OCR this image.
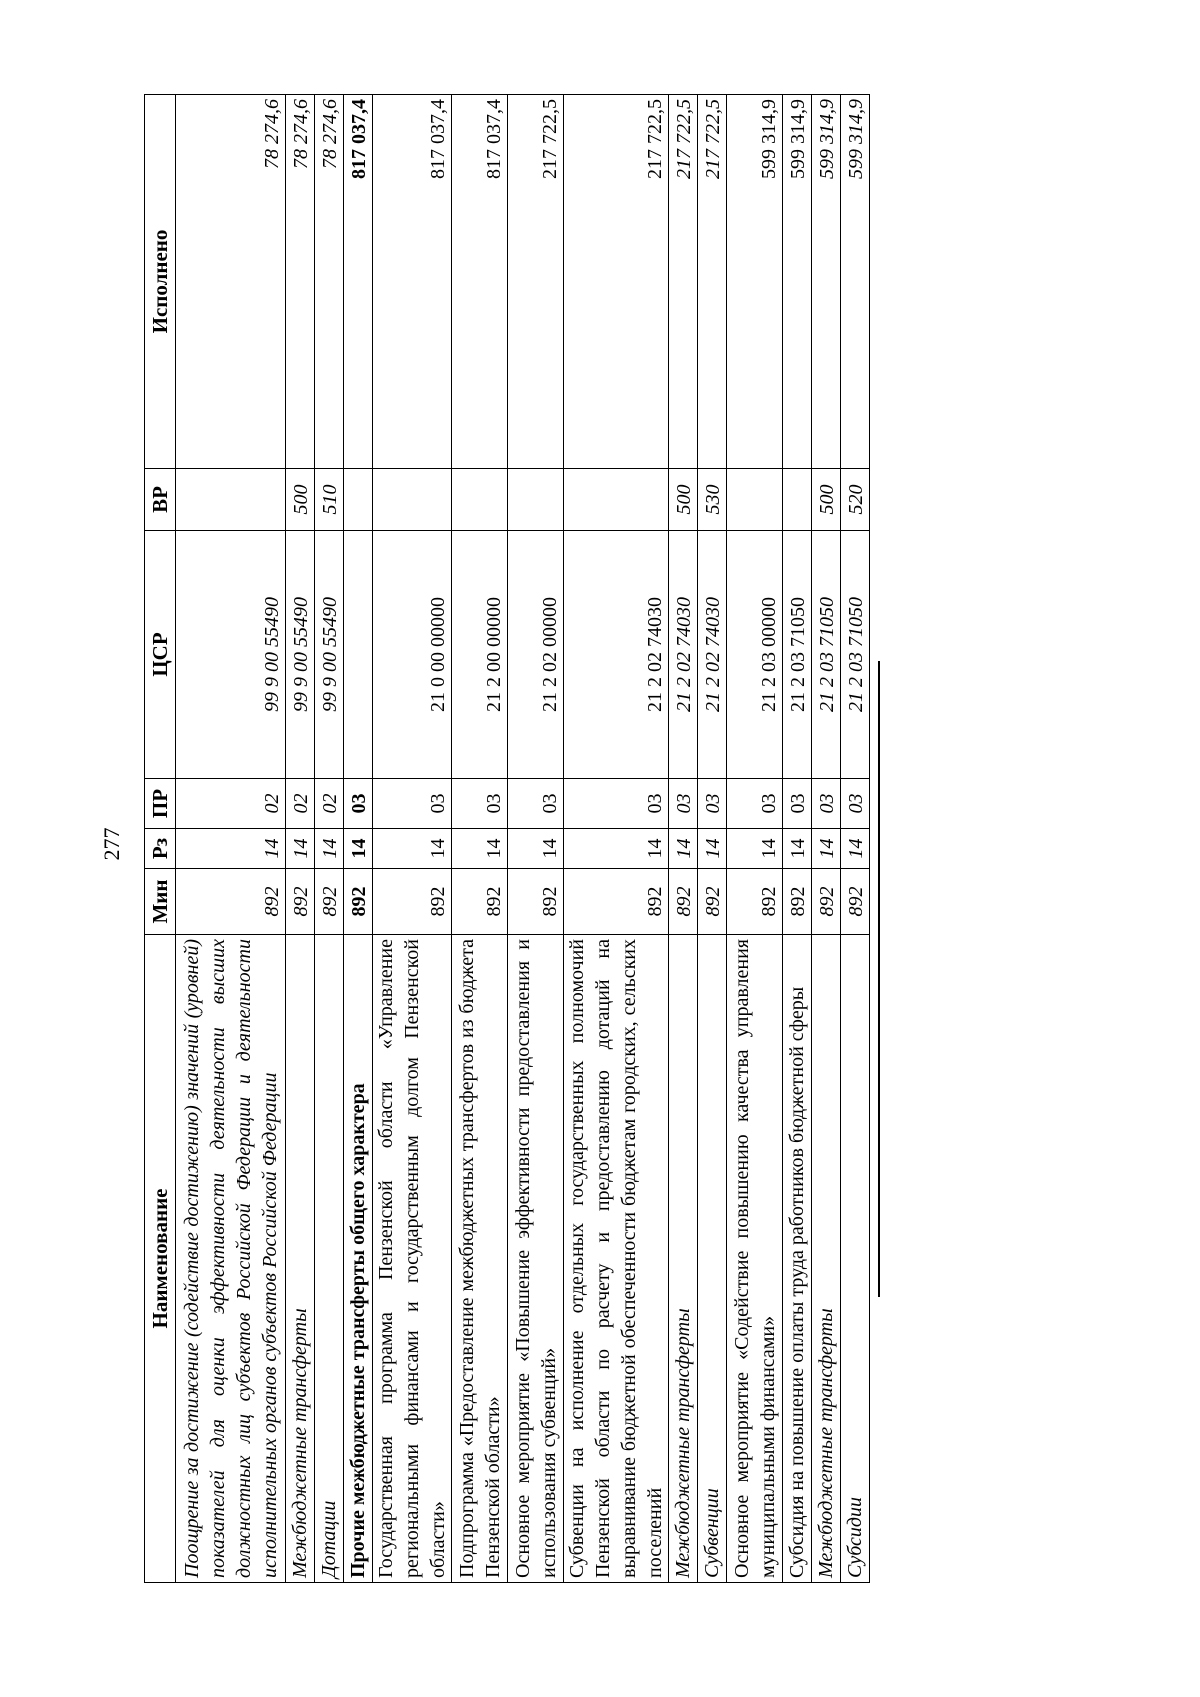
277
Наименование	Мин	Рз	ПР	ЦСР	ВР	Исполнено
Поощрение за достижение (содействие достижению) значений (уровней) показателей для оценки эффективности деятельности высших должностных лиц субъектов Российской Федерации и деятельности исполнительных органов субъектов Российской Федерации	892	14	02	99 9 00 55490		78 274,6
Межбюджетные трансферты	892	14	02	99 9 00 55490	500	78 274,6
Дотации	892	14	02	99 9 00 55490	510	78 274,6
Прочие межбюджетные трансферты общего характера	892	14	03			817 037,4
Государственная программа Пензенской области «Управление региональными финансами и государственным долгом Пензенской области»	892	14	03	21 0 00 00000		817 037,4
Подпрограмма «Предоставление межбюджетных трансфертов из бюджета Пензенской области»	892	14	03	21 2 00 00000		817 037,4
Основное мероприятие «Повышение эффективности предоставления и использования субвенций»	892	14	03	21 2 02 00000		217 722,5
Субвенции на исполнение отдельных государственных полномочий Пензенской области по расчету и предоставлению дотаций на выравнивание бюджетной обеспеченности бюджетам городских, сельских поселений	892	14	03	21 2 02 74030		217 722,5
Межбюджетные трансферты	892	14	03	21 2 02 74030	500	217 722,5
Субвенции	892	14	03	21 2 02 74030	530	217 722,5
Основное мероприятие «Содействие повышению качества управления муниципальными финансами»	892	14	03	21 2 03 00000		599 314,9
Субсидия на повышение оплаты труда работников бюджетной сферы	892	14	03	21 2 03 71050		599 314,9
Межбюджетные трансферты	892	14	03	21 2 03 71050	500	599 314,9
Субсидии	892	14	03	21 2 03 71050	520	599 314,9
